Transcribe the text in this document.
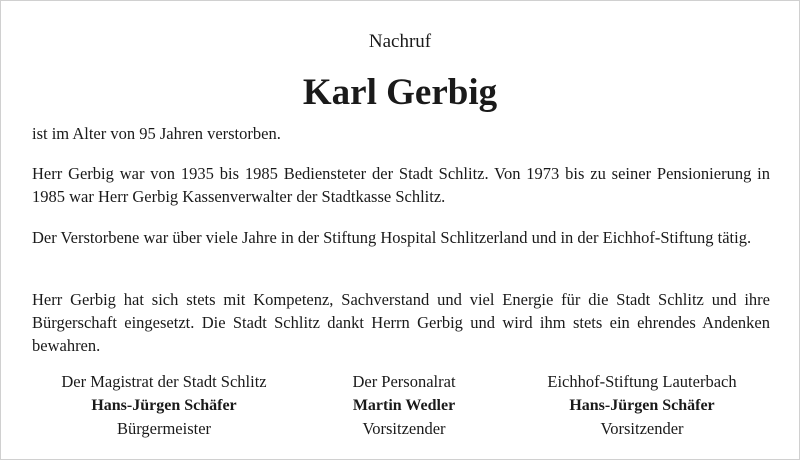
Nachruf
Karl Gerbig

ist im Alter von 95 Jahren verstorben.

Herr Gerbig war von 1935 bis 1985 Bediensteter der Stadt Schlitz. Von 1973 bis zu seiner Pensionierung in 1985 war Herr Gerbig Kassenverwalter der Stadtkasse Schlitz.

Der Verstorbene war über viele Jahre in der Stiftung Hospital Schlitzerland und in der Eichhof-Stiftung tätig.

Herr Gerbig hat sich stets mit Kompetenz, Sachverstand und viel Energie für die Stadt Schlitz und ihre Bürgerschaft eingesetzt. Die Stadt Schlitz dankt Herrn Gerbig und wird ihm stets ein ehrendes Andenken bewahren.

Der Magistrat der Stadt Schlitz
Hans-Jürgen Schäfer
Bürgermeister
Der Personalrat
Martin Wedler
Vorsitzender
Eichhof-Stiftung Lauterbach
Hans-Jürgen Schäfer
Vorsitzender
